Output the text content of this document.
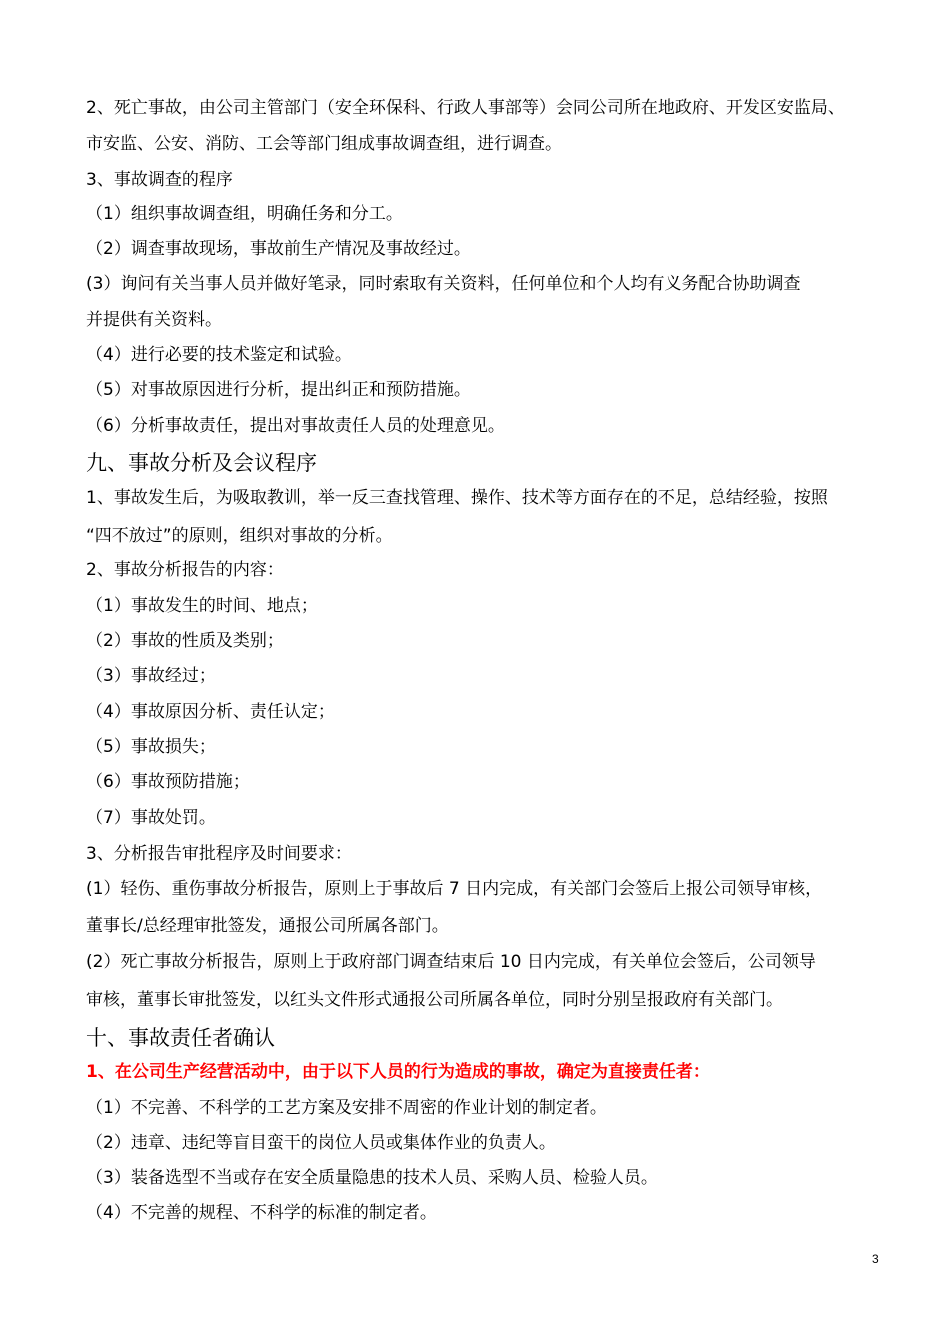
2、死亡事故，由公司主管部门（安全环保科、行政人事部等）会同公司所在地政府、开发区安监局、
市安监、公安、消防、工会等部门组成事故调查组，进行调查。
3、事故调查的程序
（1）组织事故调查组，明确任务和分工。
（2）调查事故现场，事故前生产情况及事故经过。
(3）询问有关当事人员并做好笔录，同时索取有关资料，任何单位和个人均有义务配合协助调查
并提供有关资料。
（4）进行必要的技术鉴定和试验。
（5）对事故原因进行分析，提出纠正和预防措施。
（6）分析事故责任，提出对事故责任人员的处理意见。
九、事故分析及会议程序
1、事故发生后，为吸取教训，举一反三查找管理、操作、技术等方面存在的不足，总结经验，按照
“四不放过”的原则，组织对事故的分析。
2、事故分析报告的内容：
（1）事故发生的时间、地点；
（2）事故的性质及类别；
（3）事故经过；
（4）事故原因分析、责任认定；
（5）事故损失；
（6）事故预防措施；
（7）事故处罚。
3、分析报告审批程序及时间要求：
(1）轻伤、重伤事故分析报告，原则上于事故后 7 日内完成，有关部门会签后上报公司领导审核，
董事长/总经理审批签发，通报公司所属各部门。
(2）死亡事故分析报告，原则上于政府部门调查结束后 10 日内完成，有关单位会签后，公司领导
审核，董事长审批签发，以红头文件形式通报公司所属各单位，同时分别呈报政府有关部门。
十、事故责任者确认
1、在公司生产经营活动中，由于以下人员的行为造成的事故，确定为直接责任者：
（1）不完善、不科学的工艺方案及安排不周密的作业计划的制定者。
（2）违章、违纪等盲目蛮干的岗位人员或集体作业的负责人。
（3）装备选型不当或存在安全质量隐患的技术人员、采购人员、检验人员。
（4）不完善的规程、不科学的标准的制定者。
3
